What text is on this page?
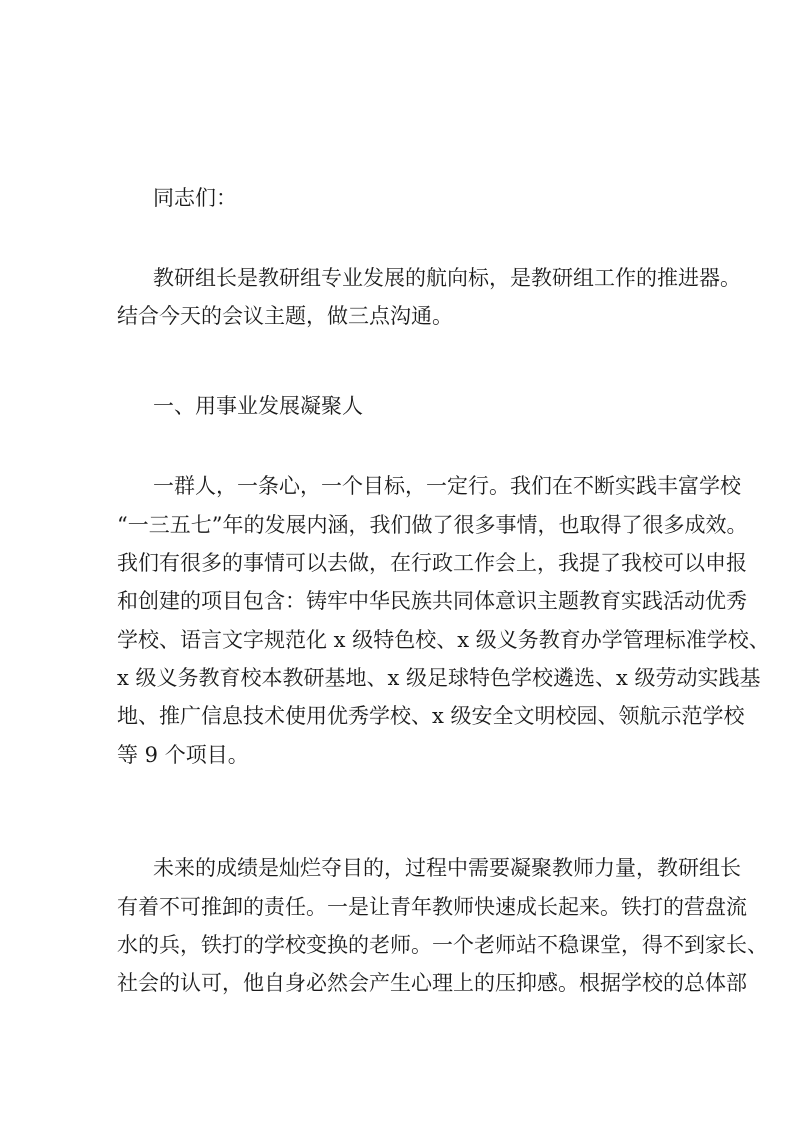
同志们：
教研组长是教研组专业发展的航向标，是教研组工作的推进器。
结合今天的会议主题，做三点沟通。
一、用事业发展凝聚人
一群人，一条心，一个目标，一定行。我们在不断实践丰富学校
“一三五七”年的发展内涵，我们做了很多事情，也取得了很多成效。
我们有很多的事情可以去做，在行政工作会上，我提了我校可以申报
和创建的项目包含：铸牢中华民族共同体意识主题教育实践活动优秀
学校、语言文字规范化 x 级特色校、x 级义务教育办学管理标准学校、
x 级义务教育校本教研基地、x 级足球特色学校遴选、x 级劳动实践基
地、推广信息技术使用优秀学校、x 级安全文明校园、领航示范学校
等 9 个项目。
未来的成绩是灿烂夺目的，过程中需要凝聚教师力量，教研组长
有着不可推卸的责任。一是让青年教师快速成长起来。铁打的营盘流
水的兵，铁打的学校变换的老师。一个老师站不稳课堂，得不到家长、
社会的认可，他自身必然会产生心理上的压抑感。根据学校的总体部
